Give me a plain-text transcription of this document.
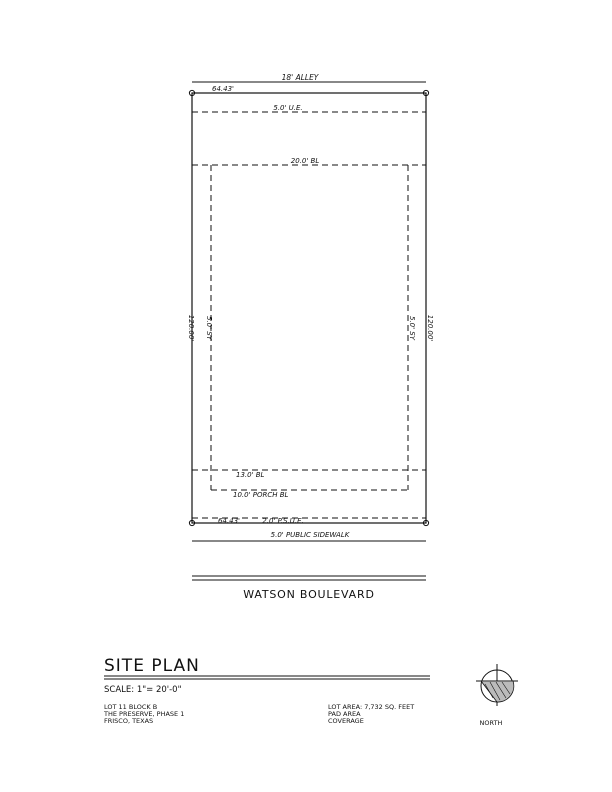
18' ALLEY
64.43'
5.0' U.E.
20.0' BL
120.00' 5.0' SY	5.0' SY 120.00'
13.0' BL
10.0' PORCH BL
64.43'	2.0' P.S.U.E.
5.0' PUBLIC SIDEWALK
WATSON BOULEVARD
SITE PLAN
SCALE: 1"= 20'-0"
LOT 11 BLOCK B
THE PRESERVE, PHASE 1
FRISCO, TEXAS
LOT AREA: 7,732 SQ. FEET
PAD AREA
COVERAGE	NORTH
